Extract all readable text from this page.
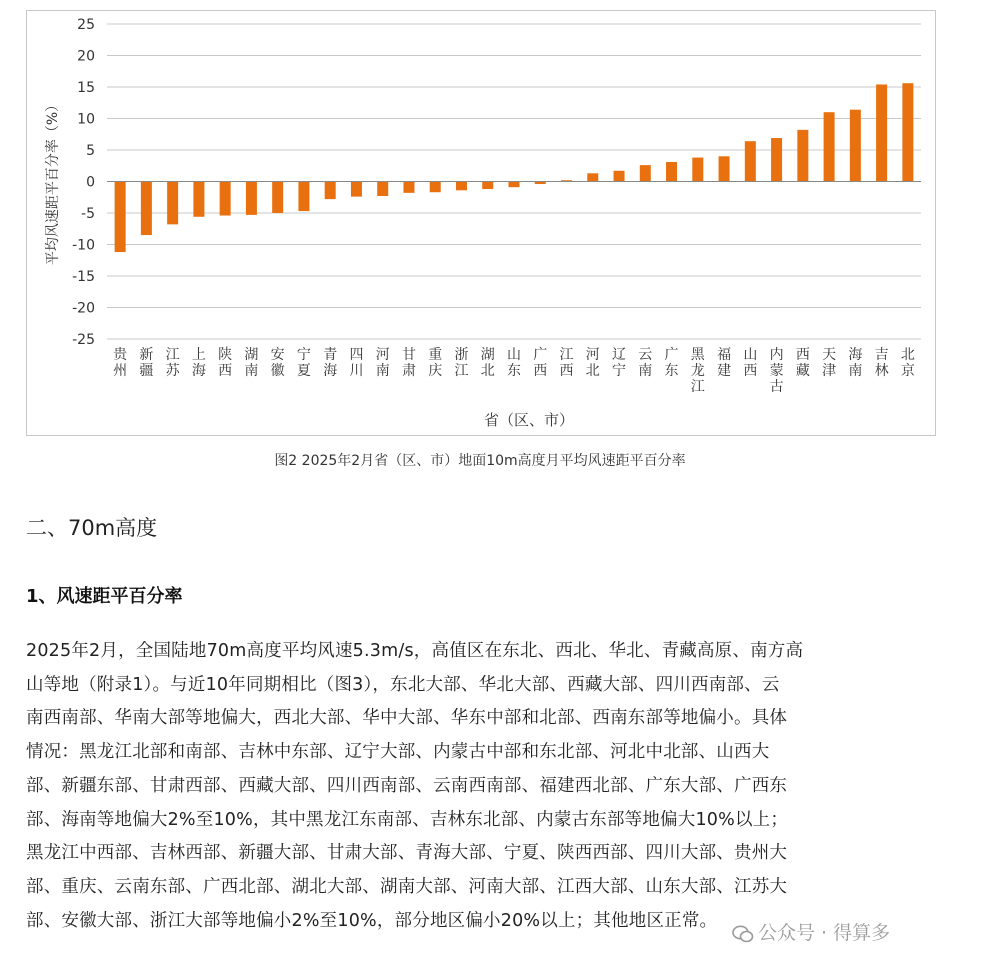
25
20
15
10
5
0
-5
-10
-15
-20
-25
贵州
新疆
江苏
上海
陕西
湖南
安徽
宁夏
青海
四川
河南
甘肃
重庆
浙江
湖北
山东
广西
江西
河北
辽宁
云南
广东
黑龙江
福建
山西
内蒙古
西藏
天津
海南
吉林
北京
平均风速距平百分率（%）
省（区、市）
图2 2025年2月省（区、市）地面10m高度月平均风速距平百分率
二、70m高度
1、风速距平百分率
2025年2月，全国陆地70m高度平均风速5.3m/s，高值区在东北、西北、华北、青藏高原、南方高
山等地（附录1）。与近10年同期相比（图3），东北大部、华北大部、西藏大部、四川西南部、云
南西南部、华南大部等地偏大，西北大部、华中大部、华东中部和北部、西南东部等地偏小。具体
情况：黑龙江北部和南部、吉林中东部、辽宁大部、内蒙古中部和东北部、河北中北部、山西大
部、新疆东部、甘肃西部、西藏大部、四川西南部、云南西南部、福建西北部、广东大部、广西东
部、海南等地偏大2%至10%，其中黑龙江东南部、吉林东北部、内蒙古东部等地偏大10%以上；
黑龙江中西部、吉林西部、新疆大部、甘肃大部、青海大部、宁夏、陕西西部、四川大部、贵州大
部、重庆、云南东部、广西北部、湖北大部、湖南大部、河南大部、江西大部、山东大部、江苏大
部、安徽大部、浙江大部等地偏小2%至10%，部分地区偏小20%以上；其他地区正常。
公众号 · 得算多
